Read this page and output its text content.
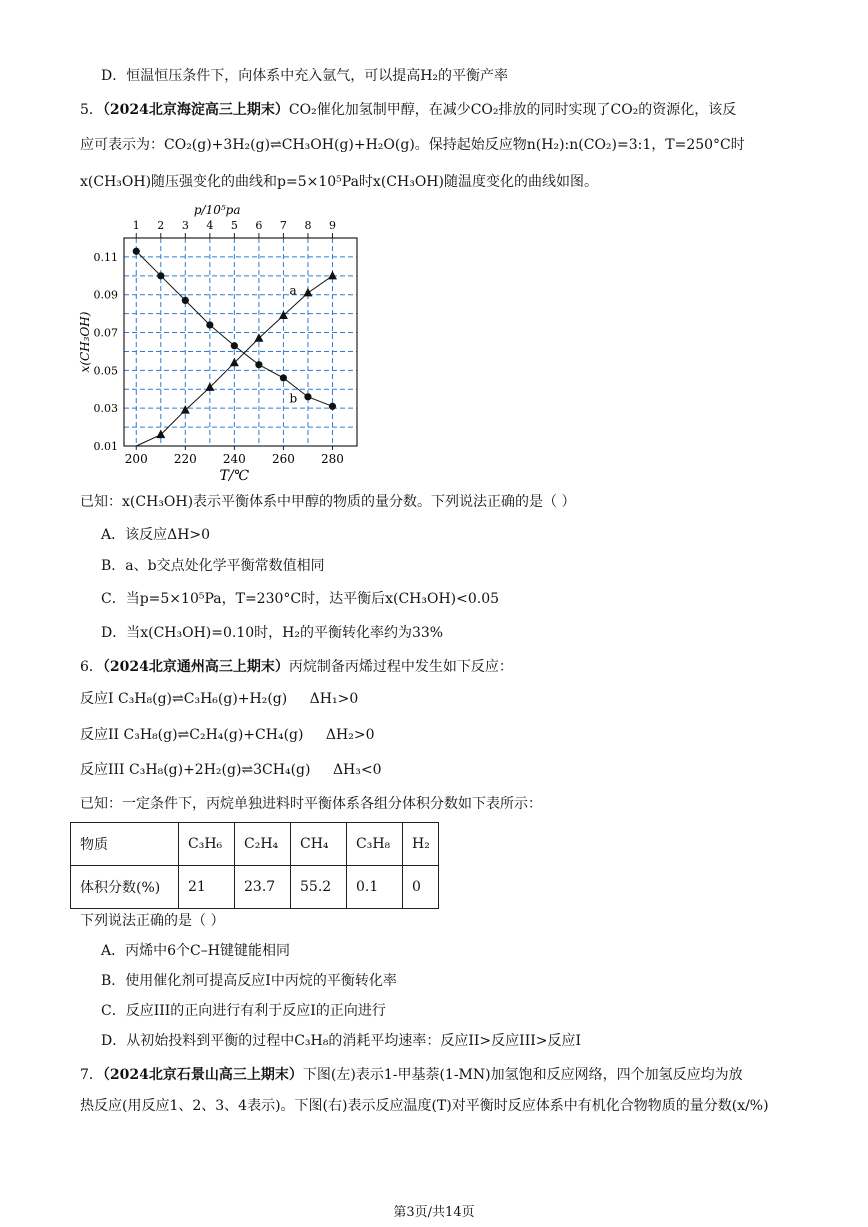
D．恒温恒压条件下，向体系中充入氩气，可以提高H₂的平衡产率
5．（2024北京海淀高三上期末）CO₂催化加氢制甲醇，在减少CO₂排放的同时实现了CO₂的资源化，该反
应可表示为：CO₂(g)+3H₂(g)⇌CH₃OH(g)+H₂O(g)。保持起始反应物n(H₂):n(CO₂)=3:1，T=250°C时
x(CH₃OH)随压强变化的曲线和p=5×10⁵Pa时x(CH₃OH)随温度变化的曲线如图。
1 2 3 4 5 6 7 8 9
p/10⁵pa
200 220 240 260 280
T/℃
0.11
0.09
0.07
0.05
0.03
0.01
x(CH₃OH)
a
b
已知：x(CH₃OH)表示平衡体系中甲醇的物质的量分数。下列说法正确的是（ ）
A．该反应ΔH>0
B．a、b交点处化学平衡常数值相同
C．当p=5×10⁵Pa，T=230°C时，达平衡后x(CH₃OH)<0.05
D．当x(CH₃OH)=0.10时，H₂的平衡转化率约为33%
6．（2024北京通州高三上期末）丙烷制备丙烯过程中发生如下反应：
反应I C₃H₈(g)⇌C₃H₆(g)+H₂(g) ΔH₁>0
反应II C₃H₈(g)⇌C₂H₄(g)+CH₄(g) ΔH₂>0
反应III C₃H₈(g)+2H₂(g)⇌3CH₄(g) ΔH₃<0
已知：一定条件下，丙烷单独进料时平衡体系各组分体积分数如下表所示：
物质	C₃H₆	C₂H₄	CH₄	C₃H₈	H₂
体积分数(%)	21	23.7	55.2	0.1	0
下列说法正确的是（ ）
A．丙烯中6个C–H键键能相同
B．使用催化剂可提高反应I中丙烷的平衡转化率
C．反应III的正向进行有利于反应I的正向进行
D．从初始投料到平衡的过程中C₃H₈的消耗平均速率：反应II>反应III>反应I
7．（2024北京石景山高三上期末）下图(左)表示1-甲基萘(1-MN)加氢饱和反应网络，四个加氢反应均为放
热反应(用反应1、2、3、4表示)。下图(右)表示反应温度(T)对平衡时反应体系中有机化合物物质的量分数(x/%)
第3页/共14页
